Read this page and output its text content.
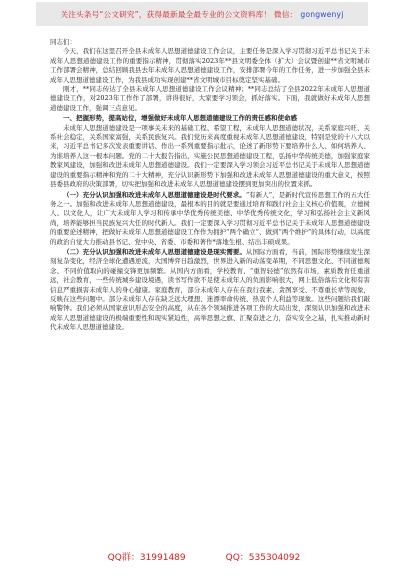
关注头条号“公文研究”，获得最新最全最专业的公文资料库！ 微信： gongwenyj

同志们：

今天，我们在这里召开全县未成年人思想道德建设工作会议，主要任务是深入学习贯彻习近平总书记关于未成年人思想道德建设工作的重要指示精神，贯彻落实2023年**县文明委全体（扩大）会议暨创建**省文明城市工作部署会精神，总结回顾我县去年未成年人思想道德建设工作，安排部署今年的工作任务，进一步加强全县未成年人思想道德建设工作，为我县成功实现创建**省文明城市目标奠定坚实基础。

刚才，**同志传达了全县未成年人思想道德建设工作会议精神；**同志总结了全县2022年未成年人思想道德建设工作，对2023年工作作了部署，讲得很好，大家要学习领会，抓好落实。下面，我就做好未成年人思想道德建设工作，强调三点意见。

一、把握形势，提高站位，增强做好未成年人思想道德建设工作的责任感和使命感

未成年人思想道德建设是一项事关未来的基础工程、希望工程，未成年人思想道德状况，关系家庭兴旺、关系社会稳定，关系国家富强，关系民族复兴。我们党历来高度重视未成年人思想道德建设，特别是党的十八大以来，习近平总书记多次发表重要讲话、作出一系列重要指示批示，论述了新形势下要培养什么人、如何培养人、为谁培养人这一根本问题。党的二十大报告指出，实施公民思想道德建设工程，弘扬中华传统美德，加强家庭家教家风建设，加强和改进未成年人思想道德建设。我们一定要深入学习领会习近平总书记关于未成年人思想道德建设的重要指示精神和党的二十大精神，充分认识新形势下加强和改进未成年人思想道德建设的重大意义，按照县委县政府的决策部署，切实把加强和改进未成年人思想道德建设摆到更加突出的位置来抓。

（一）充分认识加强和改进未成年人思想道德建设是时代要求。“有新人”，是新时代宣传思想工作的五大任务之一。加强和改进未成年人思想道德建设，最根本的目的就是要通过培育和践行社会主义核心价值观，立德树人、以文化人，让广大未成年人学习和传承中华优秀传统美德、中华优秀传统文化，学习和弘扬社会主义新风尚，培养能够担当民族复兴大任的时代新人。我们一定要深入学习贯彻习近平总书记关于未成年人思想道德建设的重要论述精神，把做好未成年人思想道德建设工作作为拥护“两个确立”、做到“两个维护”的具体行动，以高度的政治自觉大力推动县书记、党中央、省委、市委和著作*落地生根、结出丰硕成果。

（二）充分认识加强和改进未成年人思想道德建设是现实需要。从国际方面看，当前，国际形势继续发生深刻复杂变化，经济全球化遭遇逆流，大国博弈日趋激烈，世界进入新的动荡变革期，不同思想文化、不同道德观念、不同价值取向的碰撞交锋更加频繁。从国内方面看，学校教育、“重智轻德”依然有市场，素质教育任重道远，社会教育，一些传统城乡建设境遇，读书写作欲不足使未成年人的负面影响很大，网上低俗落后文化和有害信息严重损害未成年人的身心健康。家庭教育，部分未成年人存在在我行我素、贪图享受、不尊重长辈等现象，反映在这些问题中。部分未成年人存在缺乏远大理想、迷漂率命传统、热衷个人利益等现象。这些问题给我们敲响警钟。我们必须从国家意识形态安全的高度，从在各个领域推进各项工作的大局出发，深刻认识加强和改进未成年人思想道德建设的极端重要性和现实紧迫性，高举思想之旗、汇聚奋进之力，奋实安全之基，扎实推动新时代未成年人思想道德建设。

QQ群：31991489	QQ：535304092
